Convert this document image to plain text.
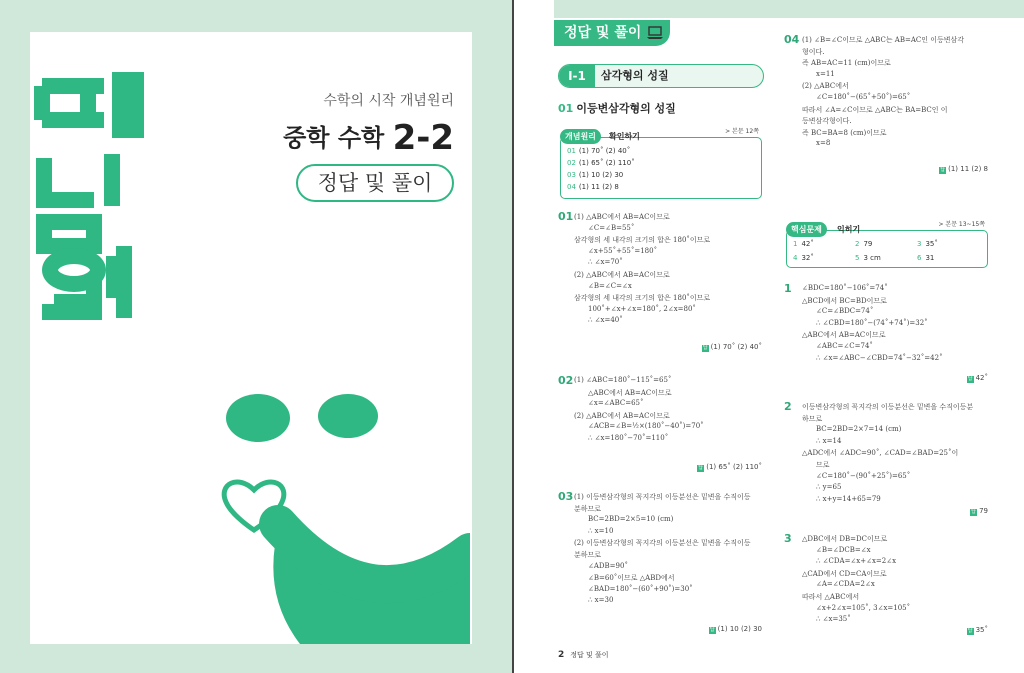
수학의 시작 개념원리
중학 수학 2-2
정답 및 풀이
정답 및 풀이
I-1	삼각형의 성질
01 이등변삼각형의 성질
개념원리	확인하기
> 본문 12쪽
01 (1) 70˚ (2) 40˚
02 (1) 65˚ (2) 110˚
03 (1) 10 (2) 30
04 (1) 11 (2) 8
핵심문제	익히기
> 본문 13~15쪽
1 42˚	2 79	3 35˚
4 32˚	5 3 cm	6 31
01 (1) △ABC에서 AB=AC이므로
∠C=∠B=55˚
삼각형의 세 내각의 크기의 합은 180˚이므로
∠x+55˚+55˚=180˚
∴ ∠x=70˚
(2) △ABC에서 AB=AC이므로
∠B=∠C=∠x
삼각형의 세 내각의 크기의 합은 180˚이므로
100˚+∠x+∠x=180˚, 2∠x=80˚
∴ ∠x=40˚
답 (1) 70˚ (2) 40˚
02 (1) ∠ABC=180˚−115˚=65˚
△ABC에서 AB=AC이므로
∠x=∠ABC=65˚
(2) △ABC에서 AB=AC이므로
∠ACB=∠B=½×(180˚−40˚)=70˚
∴ ∠x=180˚−70˚=110˚
답 (1) 65˚ (2) 110˚
03 (1) 이등변삼각형의 꼭지각의 이등분선은 밑변을 수직이등
분하므로
BC=2BD=2×5=10 (cm)
∴ x=10
(2) 이등변삼각형의 꼭지각의 이등분선은 밑변을 수직이등
분하므로
∠ADB=90˚
∠B=60˚이므로 △ABD에서
∠BAD=180˚−(60˚+90˚)=30˚
∴ x=30
답 (1) 10 (2) 30
04 (1) ∠B=∠C이므로 △ABC는 AB=AC인 이등변삼각
형이다.
즉 AB=AC=11 (cm)이므로
x=11
(2) △ABC에서
∠C=180˚−(65˚+50˚)=65˚
따라서 ∠A=∠C이므로 △ABC는 BA=BC인 이
등변삼각형이다.
즉 BC=BA=8 (cm)이므로
x=8
답 (1) 11 (2) 8
1 ∠BDC=180˚−106˚=74˚
△BCD에서 BC=BD이므로
∠C=∠BDC=74˚
∴ ∠CBD=180˚−(74˚+74˚)=32˚
△ABC에서 AB=AC이므로
∠ABC=∠C=74˚
∴ ∠x=∠ABC−∠CBD=74˚−32˚=42˚
답 42˚
2 이등변삼각형의 꼭지각의 이등분선은 밑변을 수직이등분
하므로
BC=2BD=2×7=14 (cm)
∴ x=14
△ADC에서 ∠ADC=90˚, ∠CAD=∠BAD=25˚이
므로
∠C=180˚−(90˚+25˚)=65˚
∴ y=65
∴ x+y=14+65=79
답 79
3 △DBC에서 DB=DC이므로
∠B=∠DCB=∠x
∴ ∠CDA=∠x+∠x=2∠x
△CAD에서 CD=CA이므로
∠A=∠CDA=2∠x
따라서 △ABC에서
∠x+2∠x=105˚, 3∠x=105˚
∴ ∠x=35˚
답 35˚
2 정답 및 풀이
